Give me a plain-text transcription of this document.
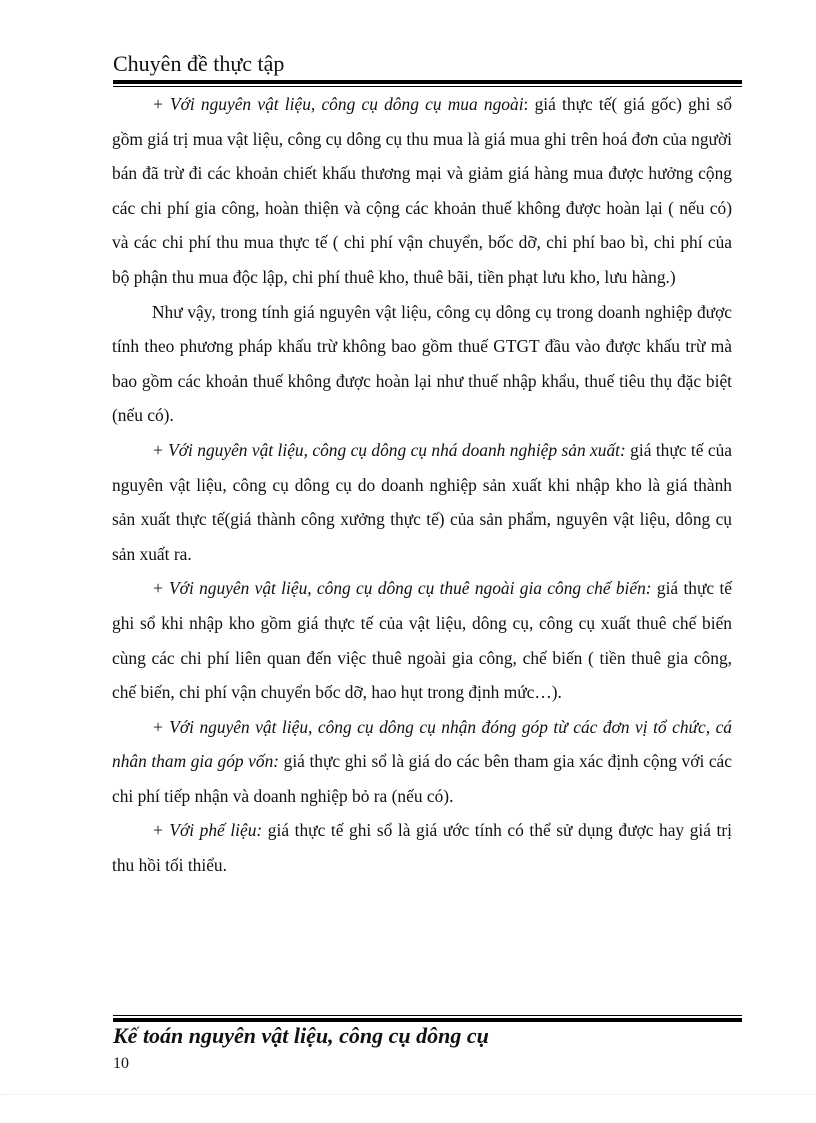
Chuyên đề thực tập

+ Với nguyên vật liệu, công cụ dông cụ mua ngoài: giá thực tế( giá gốc) ghi sổ gồm giá trị mua vật liệu, công cụ dông cụ thu mua là giá mua ghi trên hoá đơn của người bán đã trừ đi các khoản chiết khấu thương mại và giảm giá hàng mua được hưởng cộng các chi phí gia công, hoàn thiện và cộng các khoản thuế không được hoàn lại ( nếu có) và các chi phí thu mua thực tế ( chi phí vận chuyển, bốc dỡ, chi phí bao bì, chi phí của bộ phận thu mua độc lập, chi phí thuê kho, thuê bãi, tiền phạt lưu kho, lưu hàng.)

Như vậy, trong tính giá nguyên vật liệu, công cụ dông cụ trong doanh nghiệp được tính theo phương pháp khấu trừ không bao gồm thuế GTGT đầu vào được khấu trừ mà bao gồm các khoản thuế không được hoàn lại như thuế nhập khẩu, thuế tiêu thụ đặc biệt (nếu có).

+ Với nguyên vật liệu, công cụ dông cụ nhá doanh nghiệp sản xuất: giá thực tế của nguyên vật liệu, công cụ dông cụ do doanh nghiệp sản xuất khi nhập kho là giá thành sản xuất thực tế(giá thành công xưởng thực tế) của sản phẩm, nguyên vật liệu, dông cụ sản xuất ra.

+ Với nguyên vật liệu, công cụ dông cụ thuê ngoài gia công chế biến: giá thực tế ghi sổ khi nhập kho gồm giá thực tế của vật liệu, dông cụ, công cụ xuất thuê chế biến cùng các chi phí liên quan đến việc thuê ngoài gia công, chế biến ( tiền thuê gia công, chế biến, chi phí vận chuyển bốc dỡ, hao hụt trong định mức…).

+ Với nguyên vật liệu, công cụ dông cụ nhận đóng góp từ các đơn vị tổ chức, cá nhân tham gia góp vốn: giá thực ghi sổ là giá do các bên tham gia xác định cộng với các chi phí tiếp nhận và doanh nghiệp bỏ ra (nếu có).

+ Với phế liệu: giá thực tế ghi sổ là giá ước tính có thể sử dụng được hay giá trị thu hồi tối thiểu.

Kế toán nguyên vật liệu, công cụ dông cụ
10
